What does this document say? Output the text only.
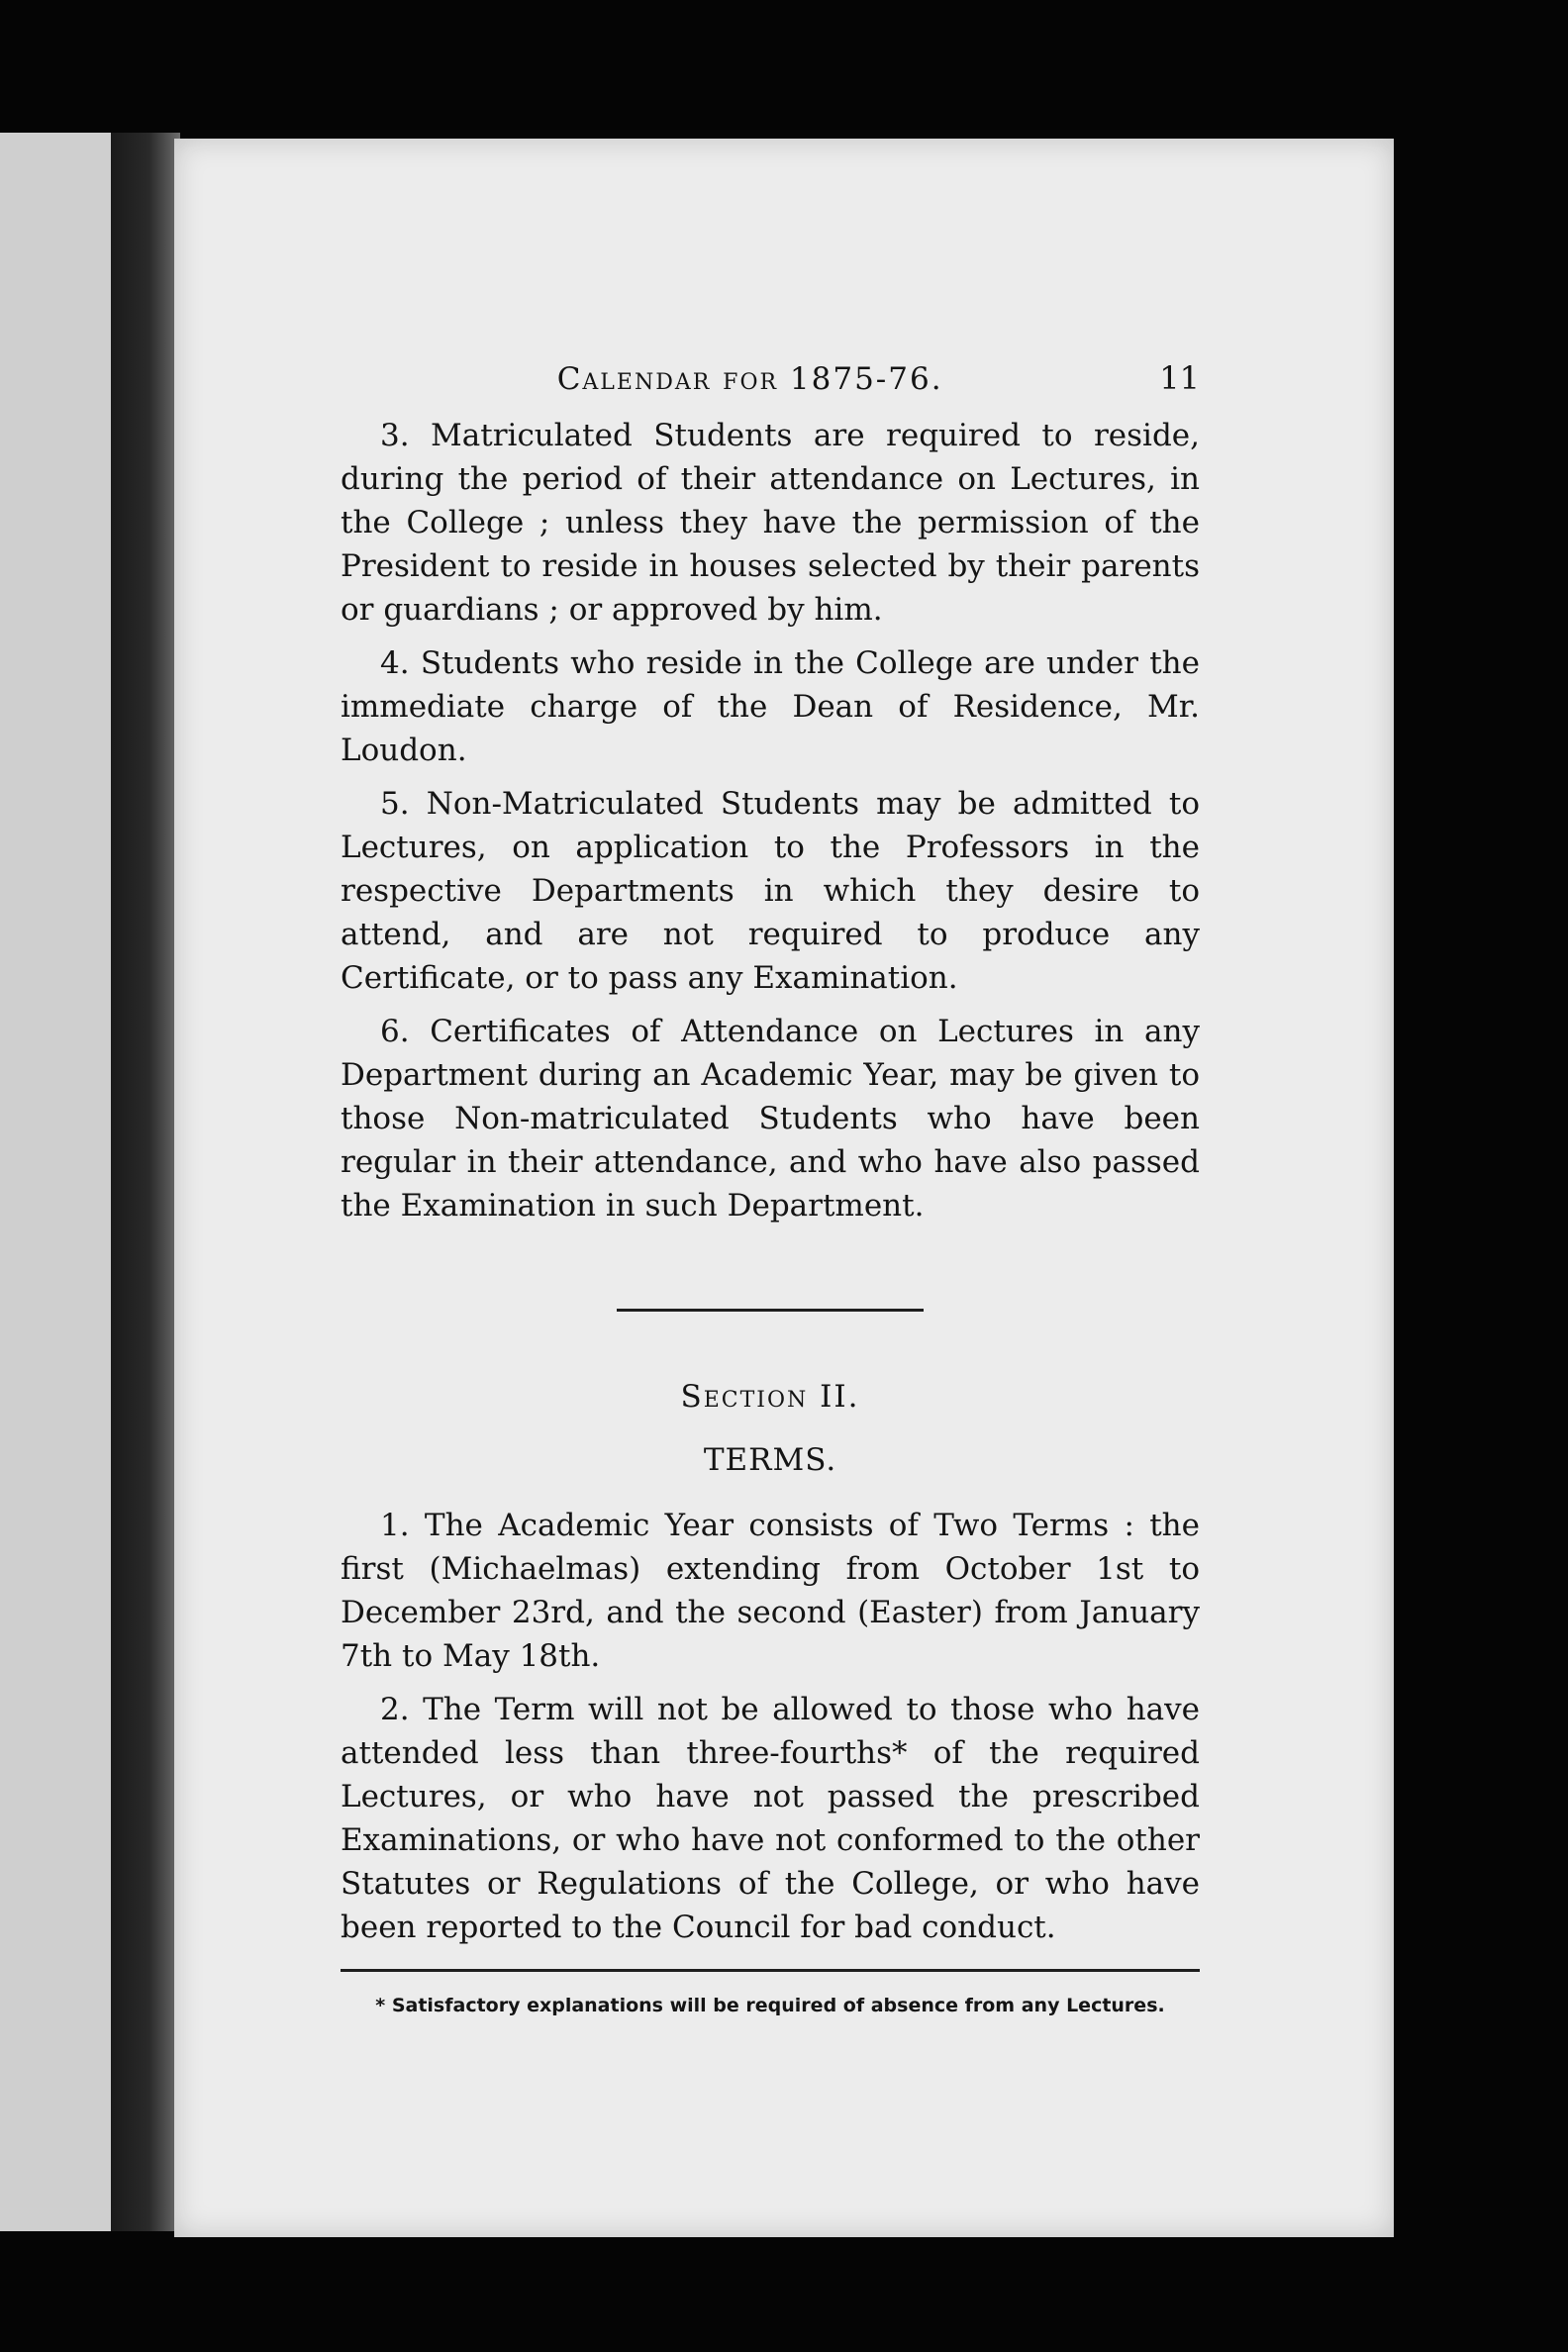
Calendar for 1875-76.	11

3. Matriculated Students are required to reside, during the period of their attendance on Lectures, in the College ; unless they have the permission of the President to reside in houses selected by their parents or guardians ; or approved by him.

4. Students who reside in the College are under the immediate charge of the Dean of Residence, Mr. Loudon.

5. Non-Matriculated Students may be admitted to Lectures, on application to the Professors in the respective Departments in which they desire to attend, and are not required to produce any Certificate, or to pass any Examination.

6. Certificates of Attendance on Lectures in any Department during an Academic Year, may be given to those Non-matriculated Students who have been regular in their attendance, and who have also passed the Examination in such Department.

Section II.
TERMS.

1. The Academic Year consists of Two Terms : the first (Michaelmas) extending from October 1st to December 23rd, and the second (Easter) from January 7th to May 18th.

2. The Term will not be allowed to those who have attended less than three-fourths* of the required Lectures, or who have not passed the prescribed Examinations, or who have not conformed to the other Statutes or Regulations of the College, or who have been reported to the Council for bad conduct.

* Satisfactory explanations will be required of absence from any Lectures.
